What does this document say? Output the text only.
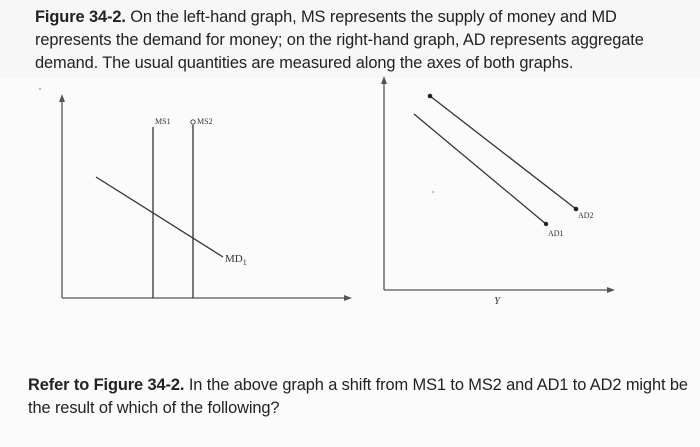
Figure 34-2. On the left-hand graph, MS represents the supply of money and MD represents the demand for money; on the right-hand graph, AD represents aggregate demand. The usual quantities are measured along the axes of both graphs.
MS1	MS2
$MD_1$
AD1
AD2
Y
Refer to Figure 34-2. In the above graph a shift from MS1 to MS2 and AD1 to AD2 might be the result of which of the following?
